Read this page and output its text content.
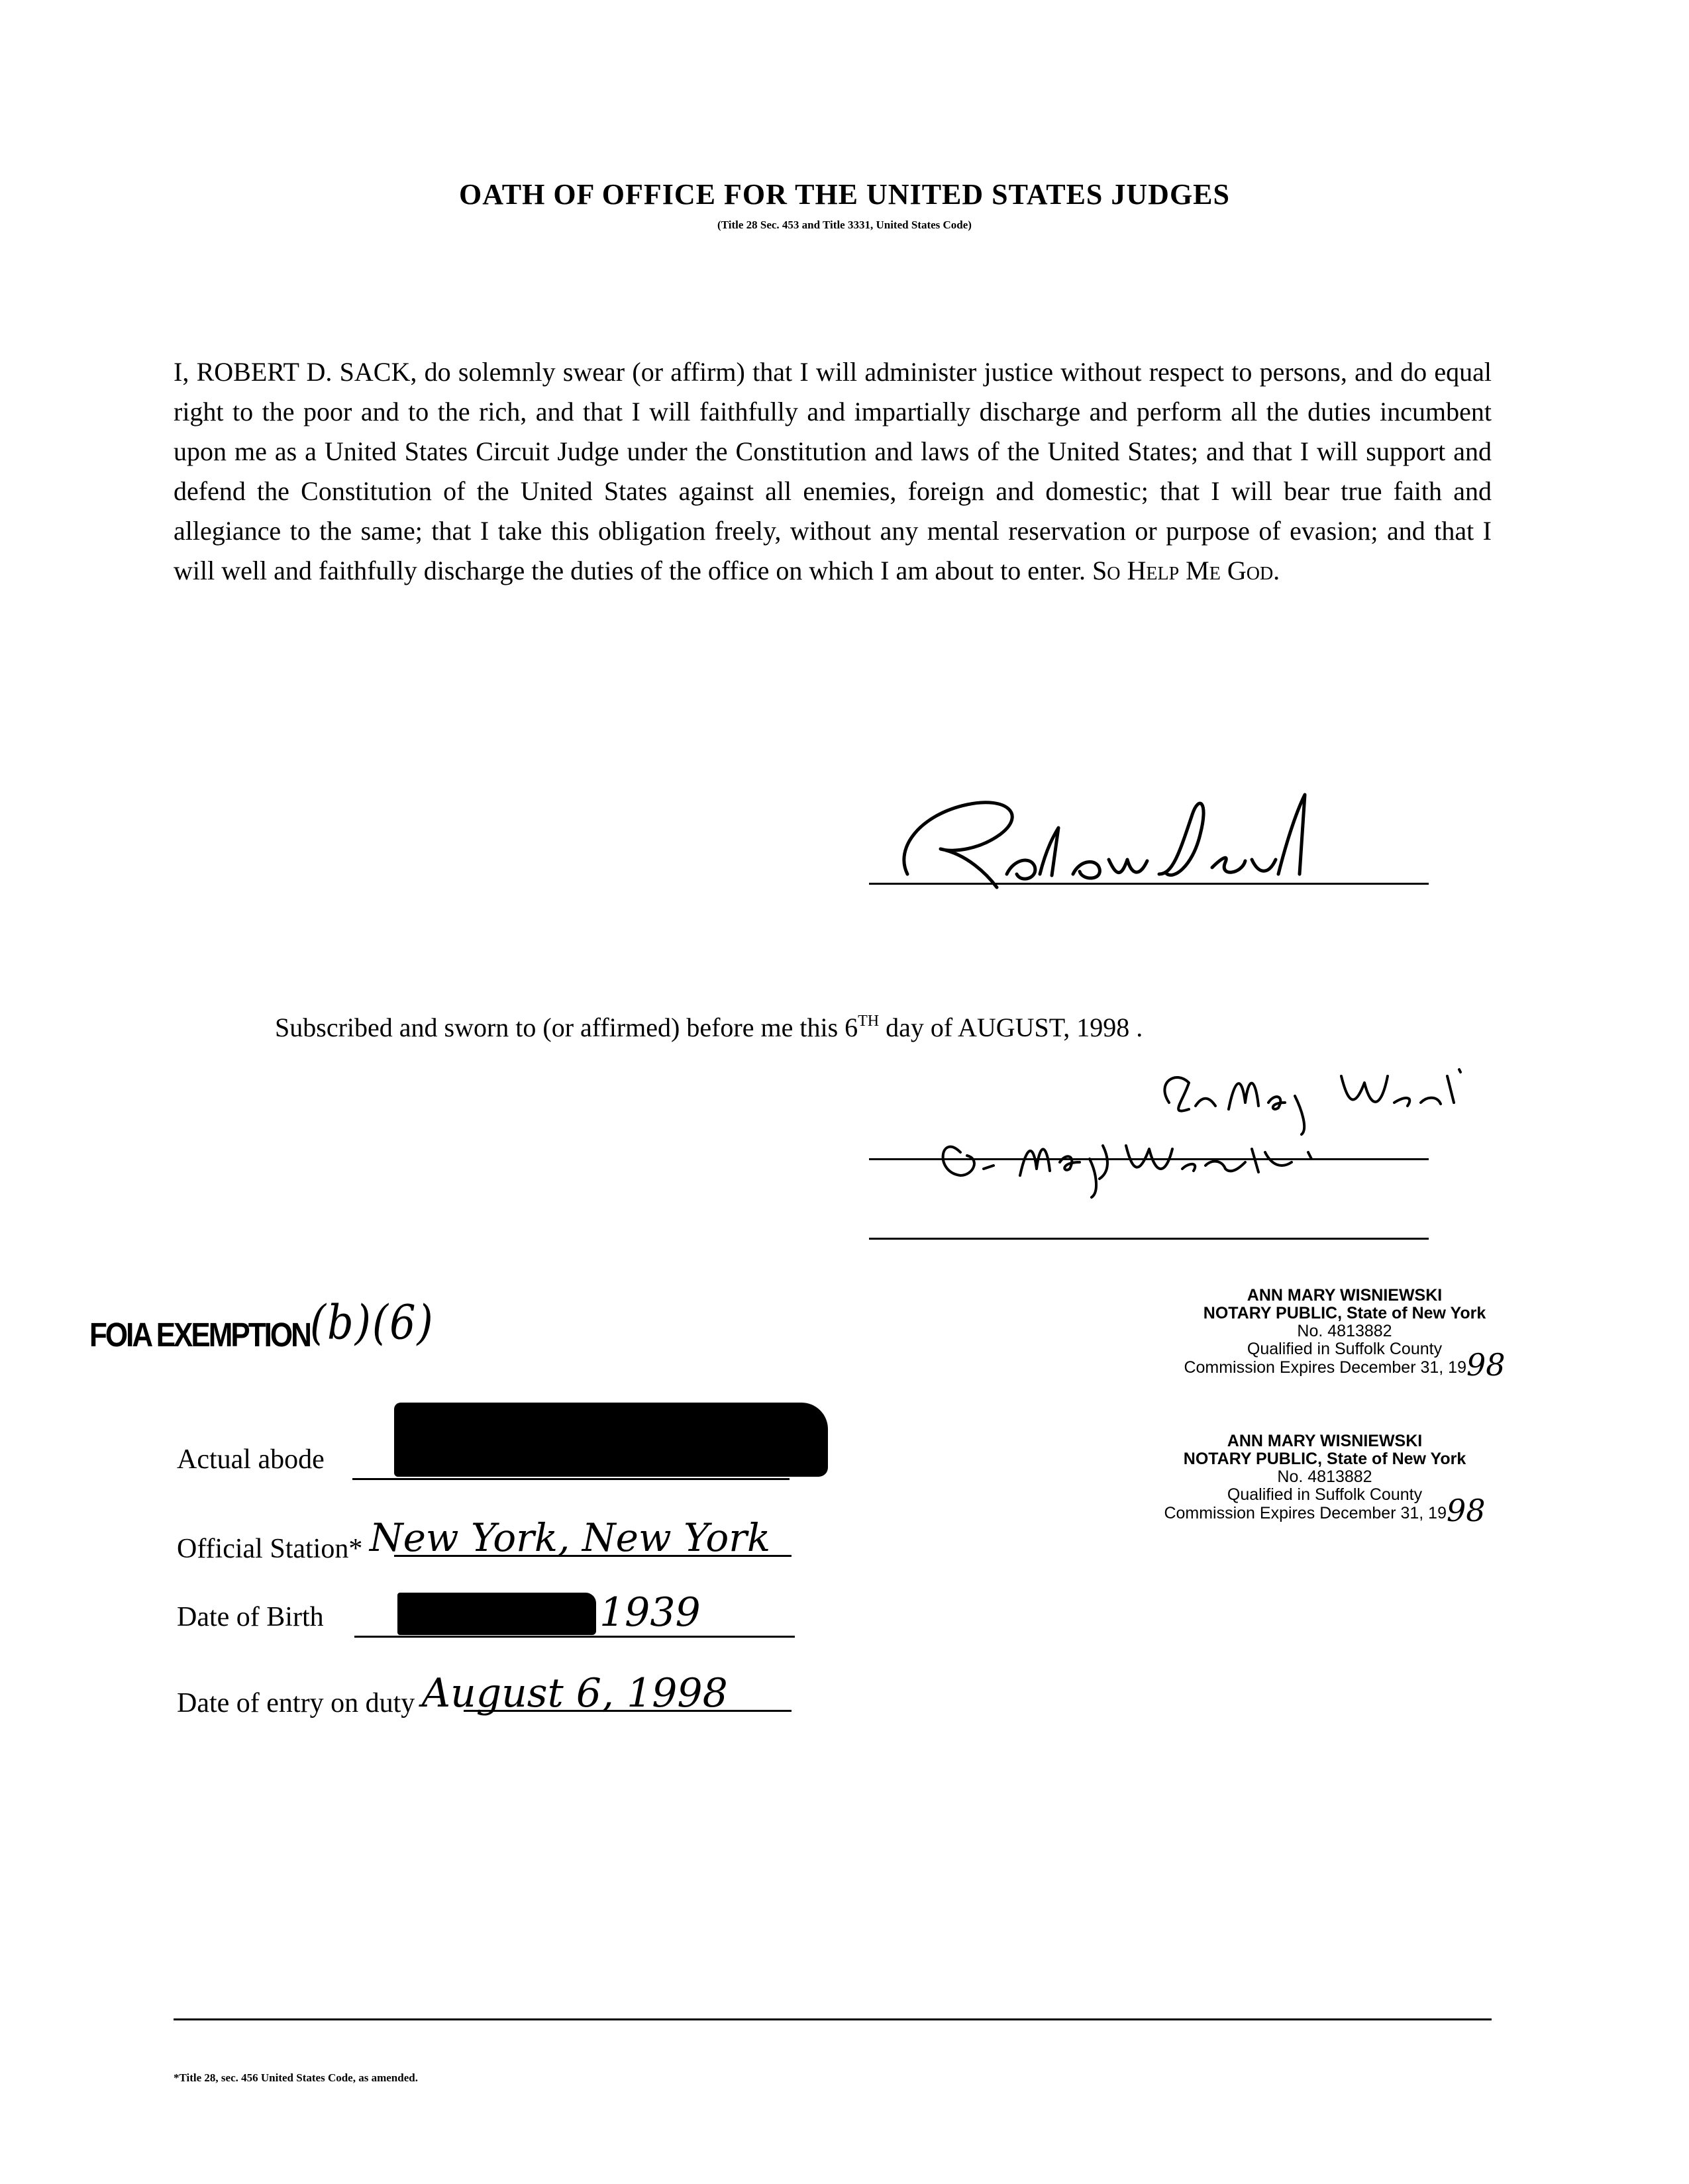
OATH OF OFFICE FOR THE UNITED STATES JUDGES
(Title 28 Sec. 453 and Title 3331, United States Code)
I, ROBERT D. SACK, do solemnly swear (or affirm) that I will administer justice without respect to persons, and do equal right to the poor and to the rich, and that I will faithfully and impartially discharge and perform all the duties incumbent upon me as a United States Circuit Judge under the Constitution and laws of the United States; and that I will support and defend the Constitution of the United States against all enemies, foreign and domestic; that I will bear true faith and allegiance to the same; that I take this obligation freely, without any mental reservation or purpose of evasion; and that I will well and faithfully discharge the duties of the office on which I am about to enter. So Help Me God.
Subscribed and sworn to (or affirmed) before me this 6TH day of AUGUST, 1998 .
FOIA EXEMPTION(b)(6)	ANN MARY WISNIEWSKI
NOTARY PUBLIC, State of New York
No. 4813882
Qualified in Suffolk County
Commission Expires December 31, 1998
ANN MARY WISNIEWSKI
NOTARY PUBLIC, State of New York
No. 4813882
Qualified in Suffolk County
Commission Expires December 31, 1998
Actual abode
Official Station* New York, New York
Date of Birth	1939
Date of entry on duty August 6, 1998
*Title 28, sec. 456 United States Code, as amended.
